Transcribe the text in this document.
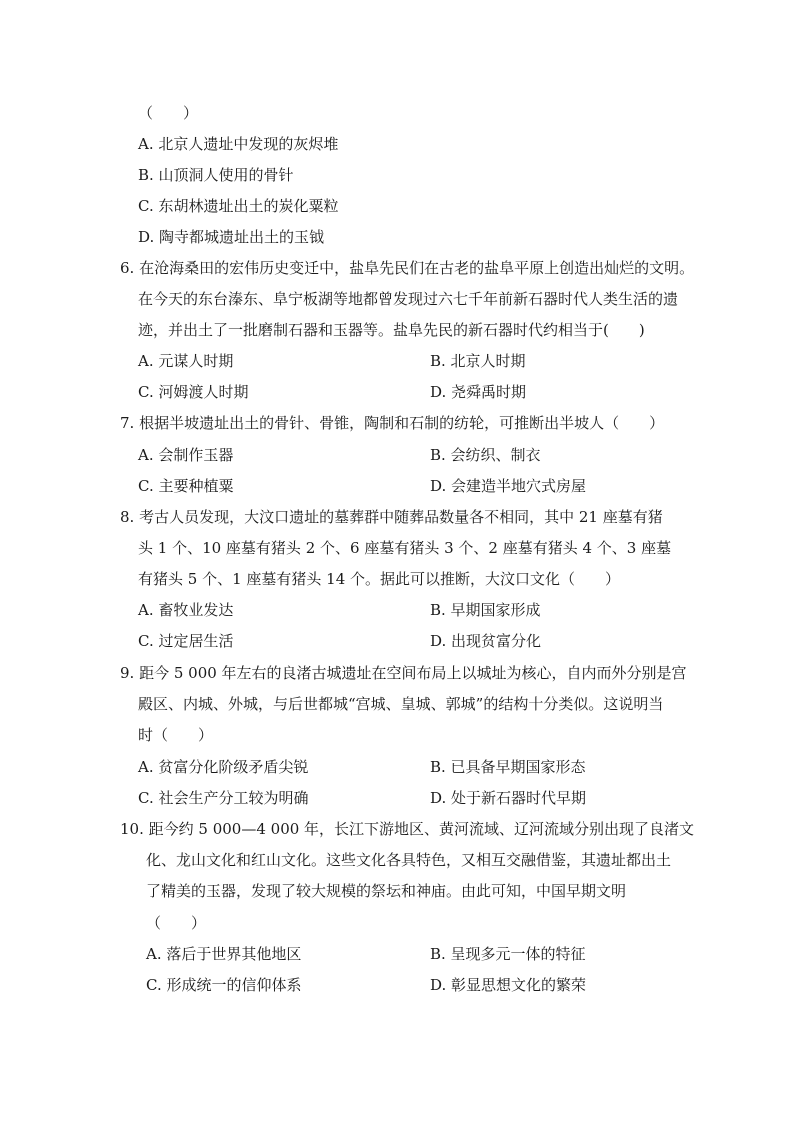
（　　）
A. 北京人遗址中发现的灰烬堆
B. 山顶洞人使用的骨针
C. 东胡林遗址出土的炭化粟粒
D. 陶寺都城遗址出土的玉钺
6. 在沧海桑田的宏伟历史变迁中，盐阜先民们在古老的盐阜平原上创造出灿烂的文明。
在今天的东台溱东、阜宁板湖等地都曾发现过六七千年前新石器时代人类生活的遗
迹，并出土了一批磨制石器和玉器等。盐阜先民的新石器时代约相当于(　　)
A. 元谋人时期	B. 北京人时期
C. 河姆渡人时期	D. 尧舜禹时期
7. 根据半坡遗址出土的骨针、骨锥，陶制和石制的纺轮，可推断出半坡人（　　）
A. 会制作玉器	B. 会纺织、制衣
C. 主要种植粟	D. 会建造半地穴式房屋
8. 考古人员发现，大汶口遗址的墓葬群中随葬品数量各不相同，其中 21 座墓有猪
头 1 个、10 座墓有猪头 2 个、6 座墓有猪头 3 个、2 座墓有猪头 4 个、3 座墓
有猪头 5 个、1 座墓有猪头 14 个。据此可以推断，大汶口文化（　　）
A. 畜牧业发达	B. 早期国家形成
C. 过定居生活	D. 出现贫富分化
9. 距今 5 000 年左右的良渚古城遗址在空间布局上以城址为核心，自内而外分别是宫
殿区、内城、外城，与后世都城“宫城、皇城、郭城”的结构十分类似。这说明当
时（　　）
A. 贫富分化阶级矛盾尖锐	B. 已具备早期国家形态
C. 社会生产分工较为明确	D. 处于新石器时代早期
10. 距今约 5 000—4 000 年，长江下游地区、黄河流域、辽河流域分别出现了良渚文
化、龙山文化和红山文化。这些文化各具特色，又相互交融借鉴，其遗址都出土
了精美的玉器，发现了较大规模的祭坛和神庙。由此可知，中国早期文明
（　　）
A. 落后于世界其他地区	B. 呈现多元一体的特征
C. 形成统一的信仰体系	D. 彰显思想文化的繁荣
